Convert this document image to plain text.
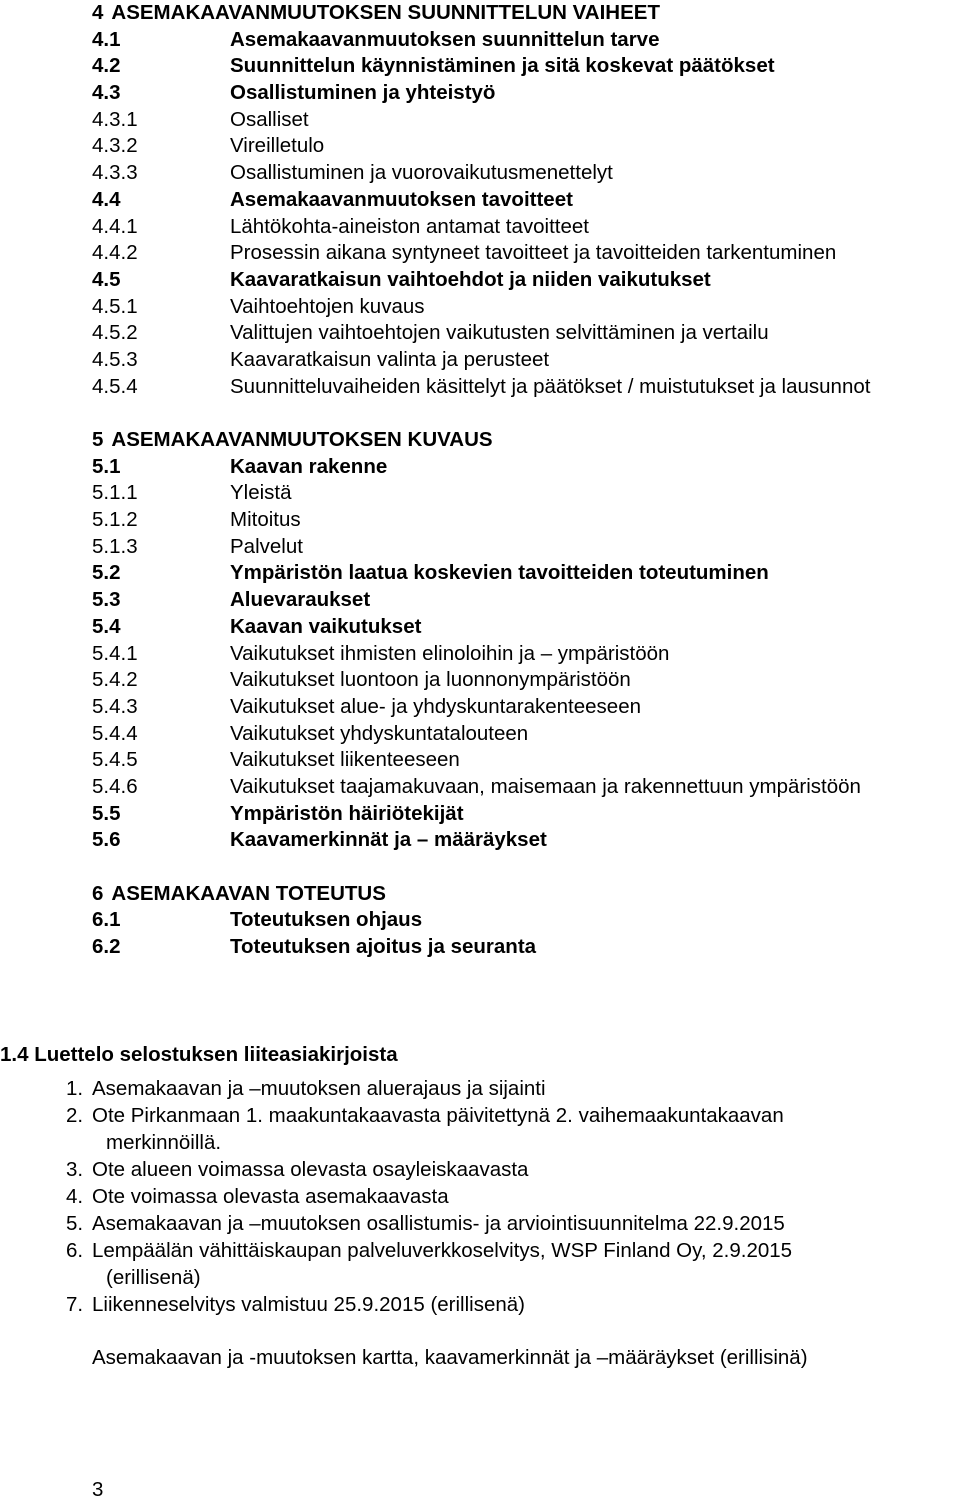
4 ASEMAKAAVANMUUTOKSEN SUUNNITTELUN VAIHEET
4.1	Asemakaavanmuutoksen suunnittelun tarve
4.2	Suunnittelun käynnistäminen ja sitä koskevat päätökset
4.3	Osallistuminen ja yhteistyö
4.3.1	Osalliset
4.3.2	Vireilletulo
4.3.3	Osallistuminen ja vuorovaikutusmenettelyt
4.4	Asemakaavanmuutoksen tavoitteet
4.4.1	Lähtökohta-aineiston antamat tavoitteet
4.4.2	Prosessin aikana syntyneet tavoitteet ja tavoitteiden tarkentuminen
4.5	Kaavaratkaisun vaihtoehdot ja niiden vaikutukset
4.5.1	Vaihtoehtojen kuvaus
4.5.2	Valittujen vaihtoehtojen vaikutusten selvittäminen ja vertailu
4.5.3	Kaavaratkaisun valinta ja perusteet
4.5.4	Suunnitteluvaiheiden käsittelyt ja päätökset / muistutukset ja lausunnot
5 ASEMAKAAVANMUUTOKSEN KUVAUS
5.1	Kaavan rakenne
5.1.1	Yleistä
5.1.2	Mitoitus
5.1.3	Palvelut
5.2	Ympäristön laatua koskevien tavoitteiden toteutuminen
5.3	Aluevaraukset
5.4	Kaavan vaikutukset
5.4.1	Vaikutukset ihmisten elinoloihin ja – ympäristöön
5.4.2	Vaikutukset luontoon ja luonnonympäristöön
5.4.3	Vaikutukset alue- ja yhdyskuntarakenteeseen
5.4.4	Vaikutukset yhdyskuntatalouteen
5.4.5	Vaikutukset liikenteeseen
5.4.6	Vaikutukset taajamakuvaan, maisemaan ja rakennettuun ympäristöön
5.5	Ympäristön häiriötekijät
5.6	Kaavamerkinnät ja – määräykset
6 ASEMAKAAVAN TOTEUTUS
6.1	Toteutuksen ohjaus
6.2	Toteutuksen ajoitus ja seuranta
1.4 Luettelo selostuksen liiteasiakirjoista
1. Asemakaavan ja –muutoksen aluerajaus ja sijainti
2. Ote Pirkanmaan 1. maakuntakaavasta päivitettynä 2. vaihemaakuntakaavan
merkinnöillä.
3. Ote alueen voimassa olevasta osayleiskaavasta
4. Ote voimassa olevasta asemakaavasta
5. Asemakaavan ja –muutoksen osallistumis- ja arviointisuunnitelma 22.9.2015
6. Lempäälän vähittäiskaupan palveluverkkoselvitys, WSP Finland Oy, 2.9.2015
(erillisenä)
7. Liikenneselvitys valmistuu 25.9.2015 (erillisenä)
Asemakaavan ja -muutoksen kartta, kaavamerkinnät ja –määräykset (erillisinä)
3
